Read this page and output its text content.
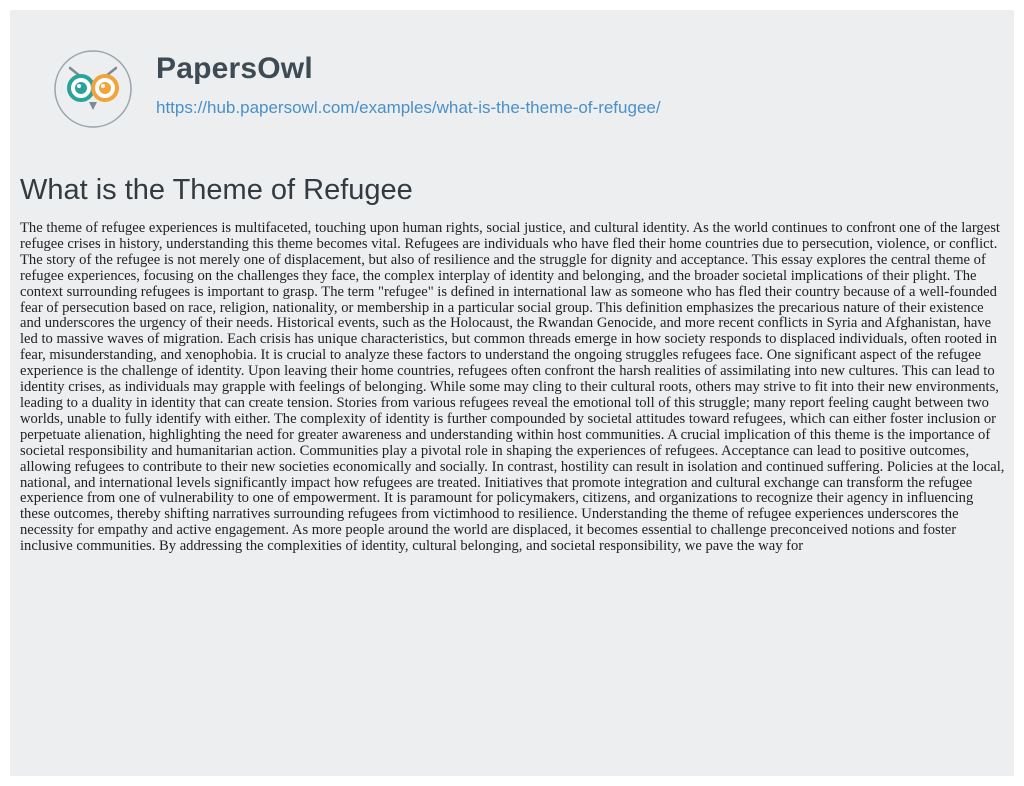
PapersOwl
https://hub.papersowl.com/examples/what-is-the-theme-of-refugee/
What is the Theme of Refugee

The theme of refugee experiences is multifaceted, touching upon human rights, social justice, and cultural identity. As the world continues to confront one of the largest refugee crises in history, understanding this theme becomes vital. Refugees are individuals who have fled their home countries due to persecution, violence, or conflict. The story of the refugee is not merely one of displacement, but also of resilience and the struggle for dignity and acceptance. This essay explores the central theme of refugee experiences, focusing on the challenges they face, the complex interplay of identity and belonging, and the broader societal implications of their plight. The context surrounding refugees is important to grasp. The term "refugee" is defined in international law as someone who has fled their country because of a well-founded fear of persecution based on race, religion, nationality, or membership in a particular social group. This definition emphasizes the precarious nature of their existence and underscores the urgency of their needs. Historical events, such as the Holocaust, the Rwandan Genocide, and more recent conflicts in Syria and Afghanistan, have led to massive waves of migration. Each crisis has unique characteristics, but common threads emerge in how society responds to displaced individuals, often rooted in fear, misunderstanding, and xenophobia. It is crucial to analyze these factors to understand the ongoing struggles refugees face. One significant aspect of the refugee experience is the challenge of identity. Upon leaving their home countries, refugees often confront the harsh realities of assimilating into new cultures. This can lead to identity crises, as individuals may grapple with feelings of belonging. While some may cling to their cultural roots, others may strive to fit into their new environments, leading to a duality in identity that can create tension. Stories from various refugees reveal the emotional toll of this struggle; many report feeling caught between two worlds, unable to fully identify with either. The complexity of identity is further compounded by societal attitudes toward refugees, which can either foster inclusion or perpetuate alienation, highlighting the need for greater awareness and understanding within host communities. A crucial implication of this theme is the importance of societal responsibility and humanitarian action. Communities play a pivotal role in shaping the experiences of refugees. Acceptance can lead to positive outcomes, allowing refugees to contribute to their new societies economically and socially. In contrast, hostility can result in isolation and continued suffering. Policies at the local, national, and international levels significantly impact how refugees are treated. Initiatives that promote integration and cultural exchange can transform the refugee experience from one of vulnerability to one of empowerment. It is paramount for policymakers, citizens, and organizations to recognize their agency in influencing these outcomes, thereby shifting narratives surrounding refugees from victimhood to resilience. Understanding the theme of refugee experiences underscores the necessity for empathy and active engagement. As more people around the world are displaced, it becomes essential to challenge preconceived notions and foster inclusive communities. By addressing the complexities of identity, cultural belonging, and societal responsibility, we pave the way for
